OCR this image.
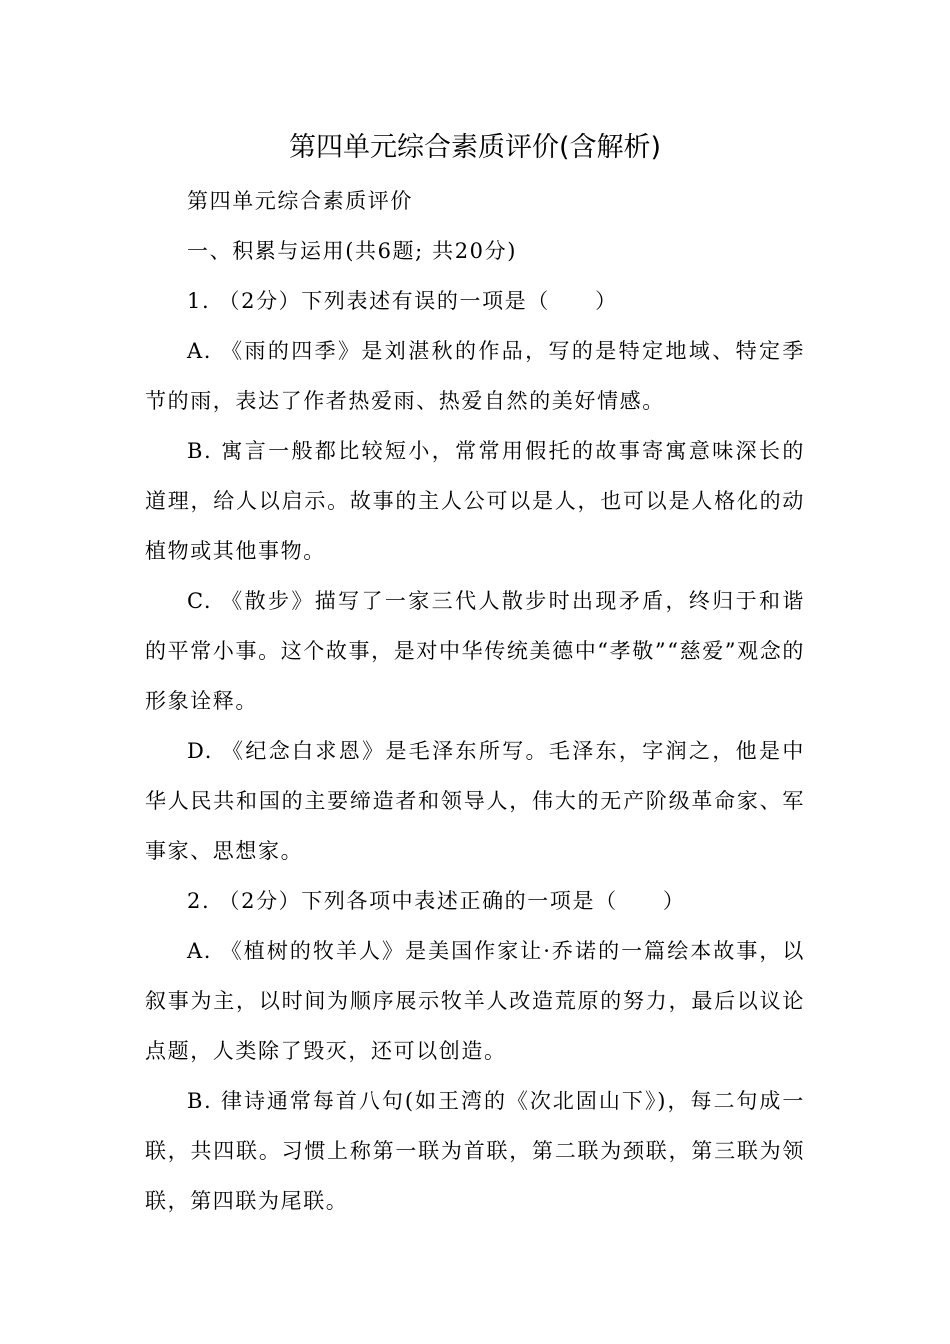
第四单元综合素质评价(含解析)

第四单元综合素质评价

一、积累与运用(共6题; 共20分)

1. （2分）下列表述有误的一项是（　　）

A. 《雨的四季》是刘湛秋的作品，写的是特定地域、特定季节的雨，表达了作者热爱雨、热爱自然的美好情感。

B. 寓言一般都比较短小，常常用假托的故事寄寓意味深长的道理，给人以启示。故事的主人公可以是人，也可以是人格化的动植物或其他事物。

C. 《散步》描写了一家三代人散步时出现矛盾，终归于和谐的平常小事。这个故事，是对中华传统美德中“孝敬”“慈爱”观念的形象诠释。

D. 《纪念白求恩》是毛泽东所写。毛泽东，字润之，他是中华人民共和国的主要缔造者和领导人，伟大的无产阶级革命家、军事家、思想家。

2. （2分）下列各项中表述正确的一项是（　　）

A. 《植树的牧羊人》是美国作家让·乔诺的一篇绘本故事，以叙事为主，以时间为顺序展示牧羊人改造荒原的努力，最后以议论点题，人类除了毁灭，还可以创造。

B. 律诗通常每首八句(如王湾的《次北固山下》)，每二句成一联，共四联。习惯上称第一联为首联，第二联为颈联，第三联为领联，第四联为尾联。
